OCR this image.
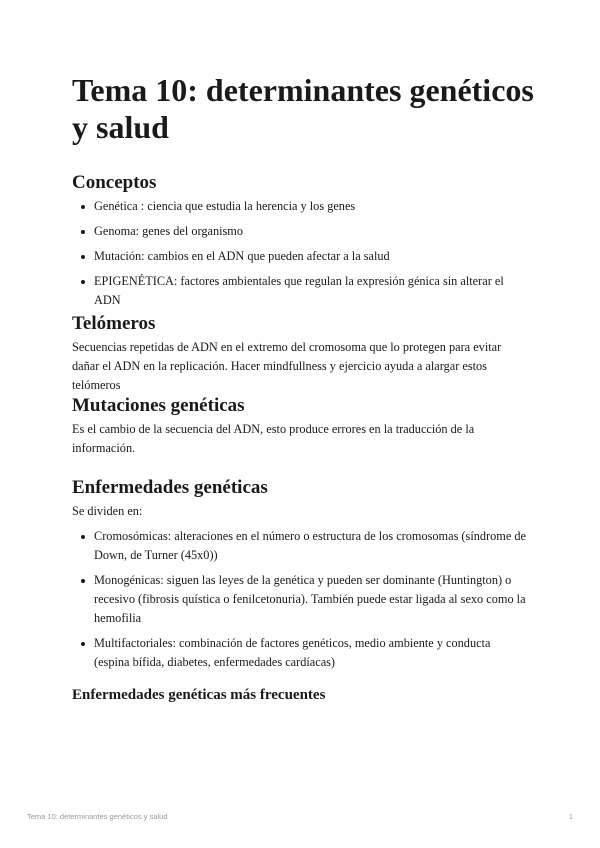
Tema 10: determinantes genéticos y salud
Conceptos
Genética : ciencia que estudia la herencia y los genes
Genoma: genes del organismo
Mutación: cambios en el ADN que pueden afectar a la salud
EPIGENÉTICA: factores ambientales que regulan la expresión génica sin alterar el ADN
Telómeros

Secuencias repetidas de ADN en el extremo del cromosoma que lo protegen para evitar dañar el ADN en la replicación. Hacer mindfullness y ejercicio ayuda a alargar estos telómeros

Mutaciones genéticas

Es el cambio de la secuencia del ADN, esto produce errores en la traducción de la información.

Enfermedades genéticas

Se dividen en:

Cromosómicas: alteraciones en el número o estructura de los cromosomas (síndrome de Down, de Turner (45x0))
Monogénicas: siguen las leyes de la genética y pueden ser dominante (Huntington) o recesivo (fibrosis quística o fenilcetonuria). También puede estar ligada al sexo como la hemofilia
Multifactoriales: combinación de factores genéticos, medio ambiente y conducta (espina bífida, diabetes, enfermedades cardíacas)
Enfermedades genéticas más frecuentes
Tema 10: determinantes genéticos y salud	1
